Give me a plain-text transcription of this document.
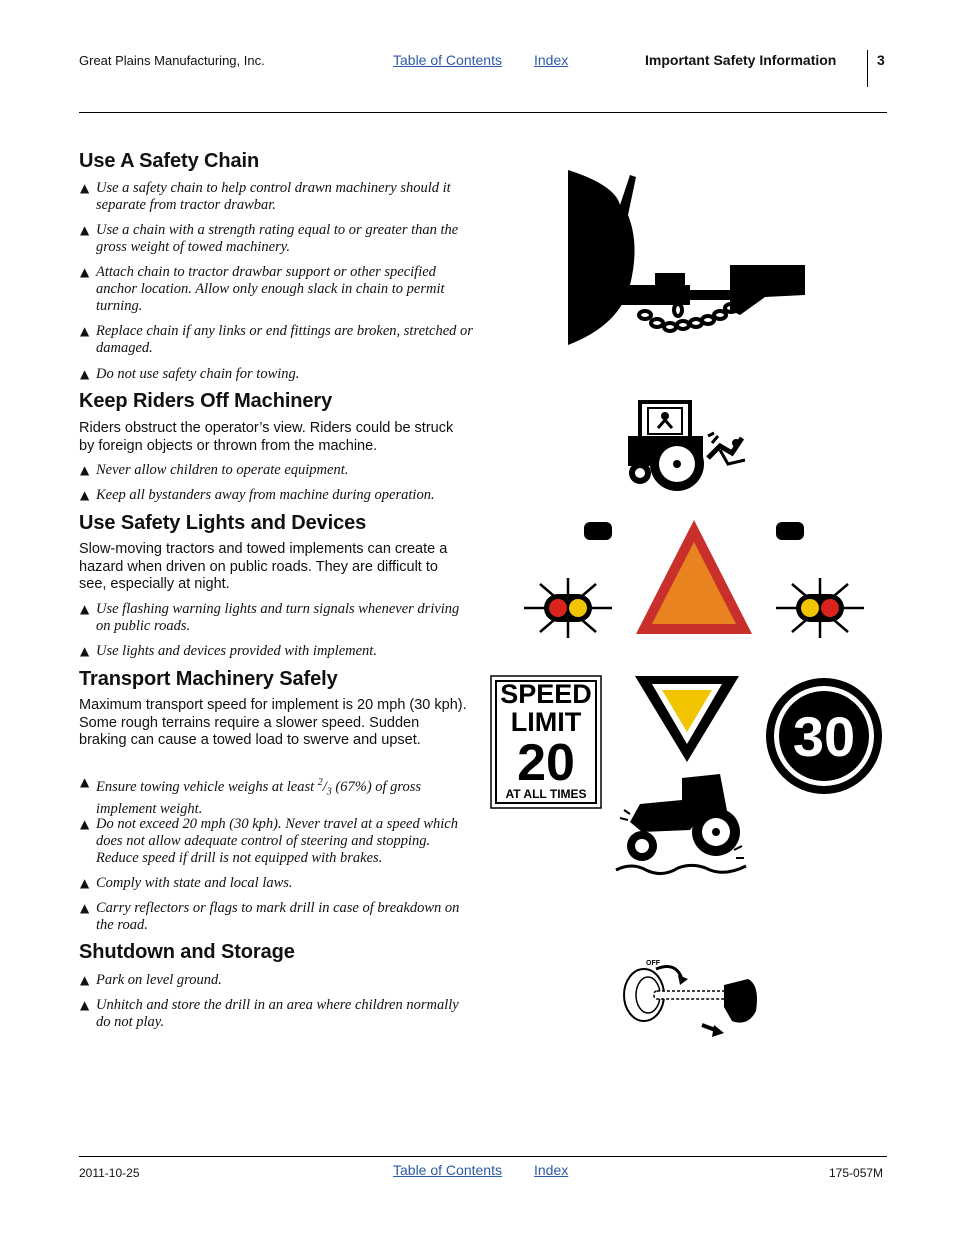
Great Plains Manufacturing, Inc.	Table of Contents Index	Important Safety Information	3
Use A Safety Chain
▲ Use a safety chain to help control drawn machinery should it separate from tractor drawbar.
▲ Use a chain with a strength rating equal to or greater than the gross weight of towed machinery.
▲ Attach chain to tractor drawbar support or other specified anchor location. Allow only enough slack in chain to permit turning.
▲ Replace chain if any links or end fittings are broken, stretched or damaged.
▲ Do not use safety chain for towing.
Keep Riders Off Machinery

Riders obstruct the operator’s view. Riders could be struck by foreign objects or thrown from the machine.

▲ Never allow children to operate equipment.
▲ Keep all bystanders away from machine during operation.
Use Safety Lights and Devices

Slow-moving tractors and towed implements can create a hazard when driven on public roads. They are difficult to see, especially at night.

▲ Use flashing warning lights and turn signals whenever driving on public roads.
▲ Use lights and devices provided with implement.
Transport Machinery Safely

Maximum transport speed for implement is 20 mph (30 kph). Some rough terrains require a slower speed. Sudden braking can cause a towed load to swerve and upset.

▲ Ensure towing vehicle weighs at least $^2/_3$ (67%) of gross implement weight.
▲ Do not exceed 20 mph (30 kph). Never travel at a speed which does not allow adequate control of steering and stopping. Reduce speed if drill is not equipped with brakes.
▲ Comply with state and local laws.
▲ Carry reflectors or flags to mark drill in case of breakdown on the road.
Shutdown and Storage
▲ Park on level ground.
▲ Unhitch and store the drill in an area where children normally do not play.
SPEED
LIMIT
20
AT ALL TIMES
30
OFF
2011-10-25	Table of Contents Index	175-057M
